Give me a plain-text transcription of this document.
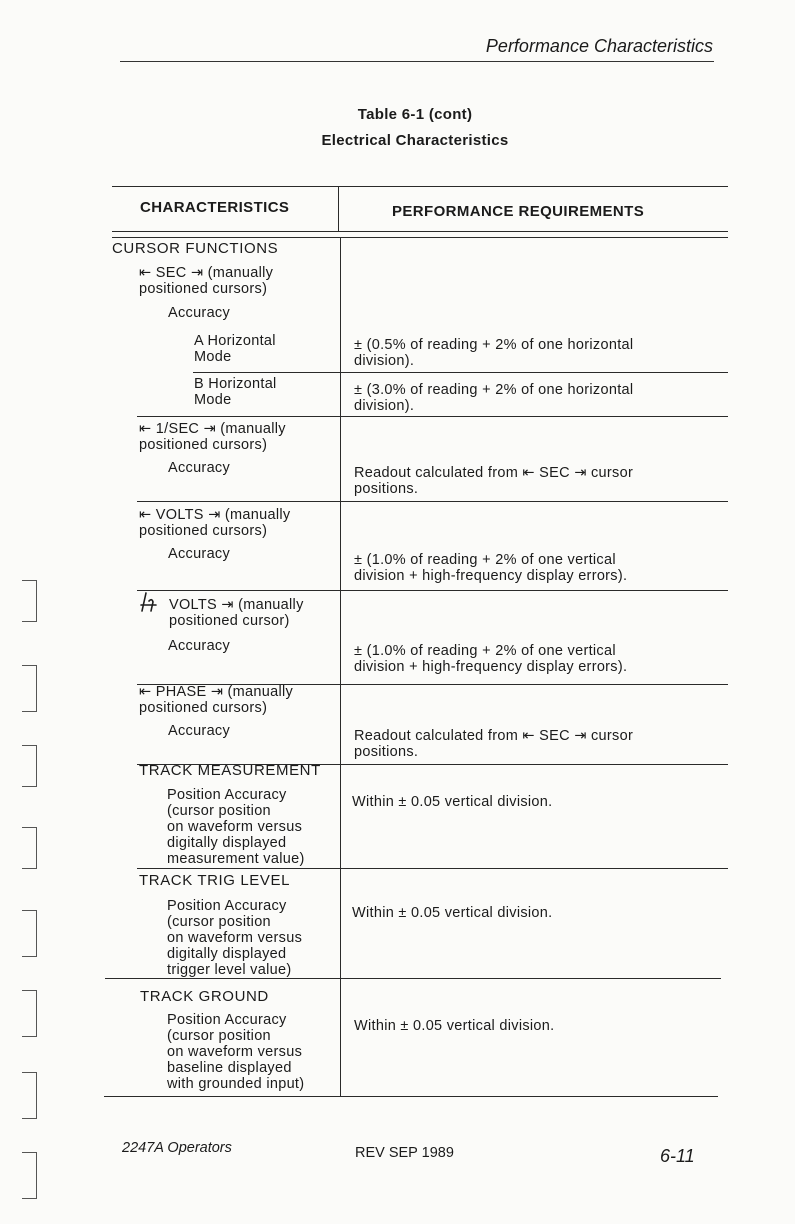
Performance Characteristics
Table 6-1 (cont)
Electrical Characteristics
CHARACTERISTICS	PERFORMANCE REQUIREMENTS
CURSOR FUNCTIONS
⇤ SEC ⇥ (manually
positioned cursors)
Accuracy
A Horizontal
Mode
± (0.5% of reading + 2% of one horizontal
division).
B Horizontal
Mode
± (3.0% of reading + 2% of one horizontal
division).
⇤ 1/SEC ⇥ (manually
positioned cursors)
Accuracy	Readout calculated from ⇤ SEC ⇥ cursor
positions.
⇤ VOLTS ⇥ (manually
positioned cursors)
Accuracy	± (1.0% of reading + 2% of one vertical
division + high-frequency display errors).
VOLTS ⇥ (manually
positioned cursor)
Accuracy	± (1.0% of reading + 2% of one vertical
division + high-frequency display errors).
⇤ PHASE ⇥ (manually
positioned cursors)
Accuracy	Readout calculated from ⇤ SEC ⇥ cursor
positions.
TRACK MEASUREMENT
Position Accuracy
(cursor position
on waveform versus
digitally displayed
measurement value)
Within ± 0.05 vertical division.
TRACK TRIG LEVEL
Position Accuracy
(cursor position
on waveform versus
digitally displayed
trigger level value)
Within ± 0.05 vertical division.
TRACK GROUND
Position Accuracy
(cursor position
on waveform versus
baseline displayed
with grounded input)
Within ± 0.05 vertical division.
2247A Operators	REV SEP 1989	6-11
